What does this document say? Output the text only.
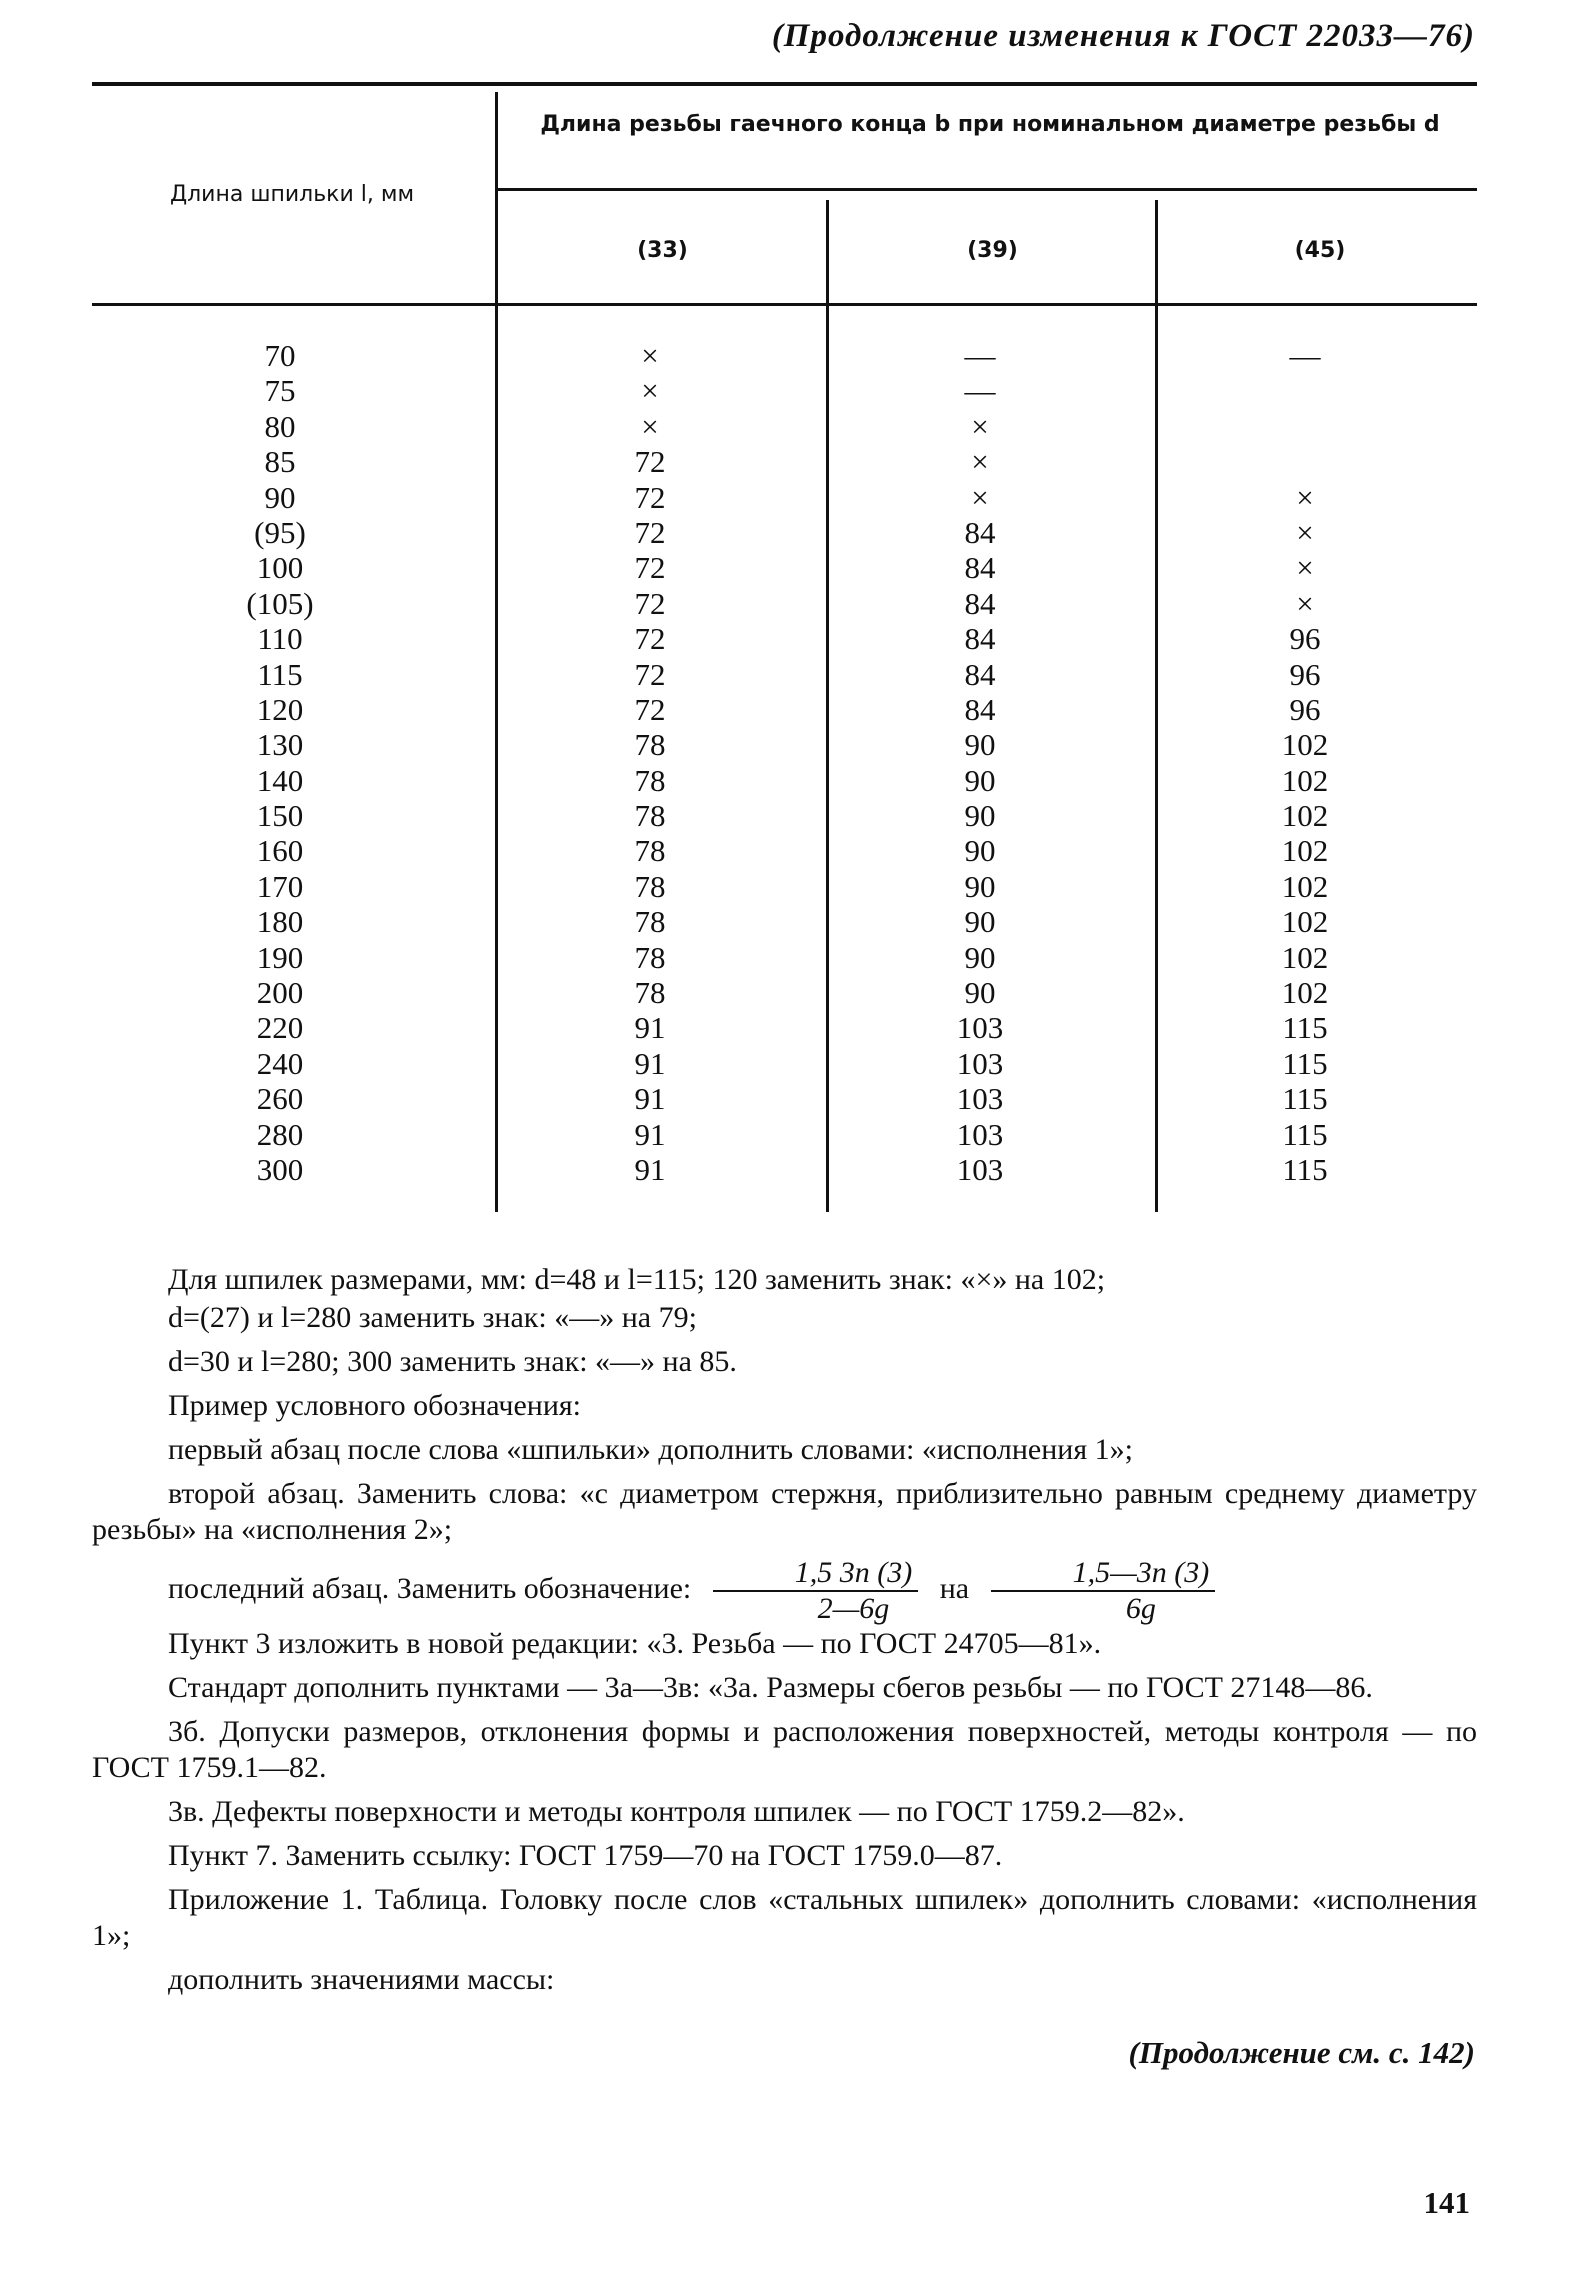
(Продолжение изменения к ГОСТ 22033—76)
Длина шпильки l, мм
Длина резьбы гаечного конца b при номинальном диаметре резьбы d
(33)	(39)	(45)
70
75
80
85
90
(95)
100
(105)
110
115
120
130
140
150
160
170
180
190
200
220
240
260
280
300
×
×
×
72
72
72
72
72
72
72
72
78
78
78
78
78
78
78
78
91
91
91
91
91
—
—
×
×
×
84
84
84
84
84
84
90
90
90
90
90
90
90
90
103
103
103
103
103
—

×
×
×
×
96
96
96
102
102
102
102
102
102
102
102
115
115
115
115
115

Для шпилек размерами, мм: d=48 и l=115; 120 заменить знак: «×» на 102;

d=(27) и l=280 заменить знак: «—» на 79;

d=30 и l=280; 300 заменить знак: «—» на 85.

Пример условного обозначения:

первый абзац после слова «шпильки» дополнить словами: «исполнения 1»;

второй абзац. Заменить слова: «с диаметром стержня, приблизительно равным среднему диаметру резьбы» на «исполнения 2»;

последний абзац. Заменить обозначение: $\frac{1,5 3п (3)}{2—6g}$ на $\frac{1,5—3п (3)}{6g}$

Пункт 3 изложить в новой редакции: «3. Резьба — по ГОСТ 24705—81».

Стандарт дополнить пунктами — 3а—3в: «3а. Размеры сбегов резьбы — по ГОСТ 27148—86.

3б. Допуски размеров, отклонения формы и расположения поверхностей, методы контроля — по ГОСТ 1759.1—82.

3в. Дефекты поверхности и методы контроля шпилек — по ГОСТ 1759.2—82».

Пункт 7. Заменить ссылку: ГОСТ 1759—70 на ГОСТ 1759.0—87.

Приложение 1. Таблица. Головку после слов «стальных шпилек» дополнить словами: «исполнения 1»;

дополнить значениями массы:

(Продолжение см. с. 142)
141
